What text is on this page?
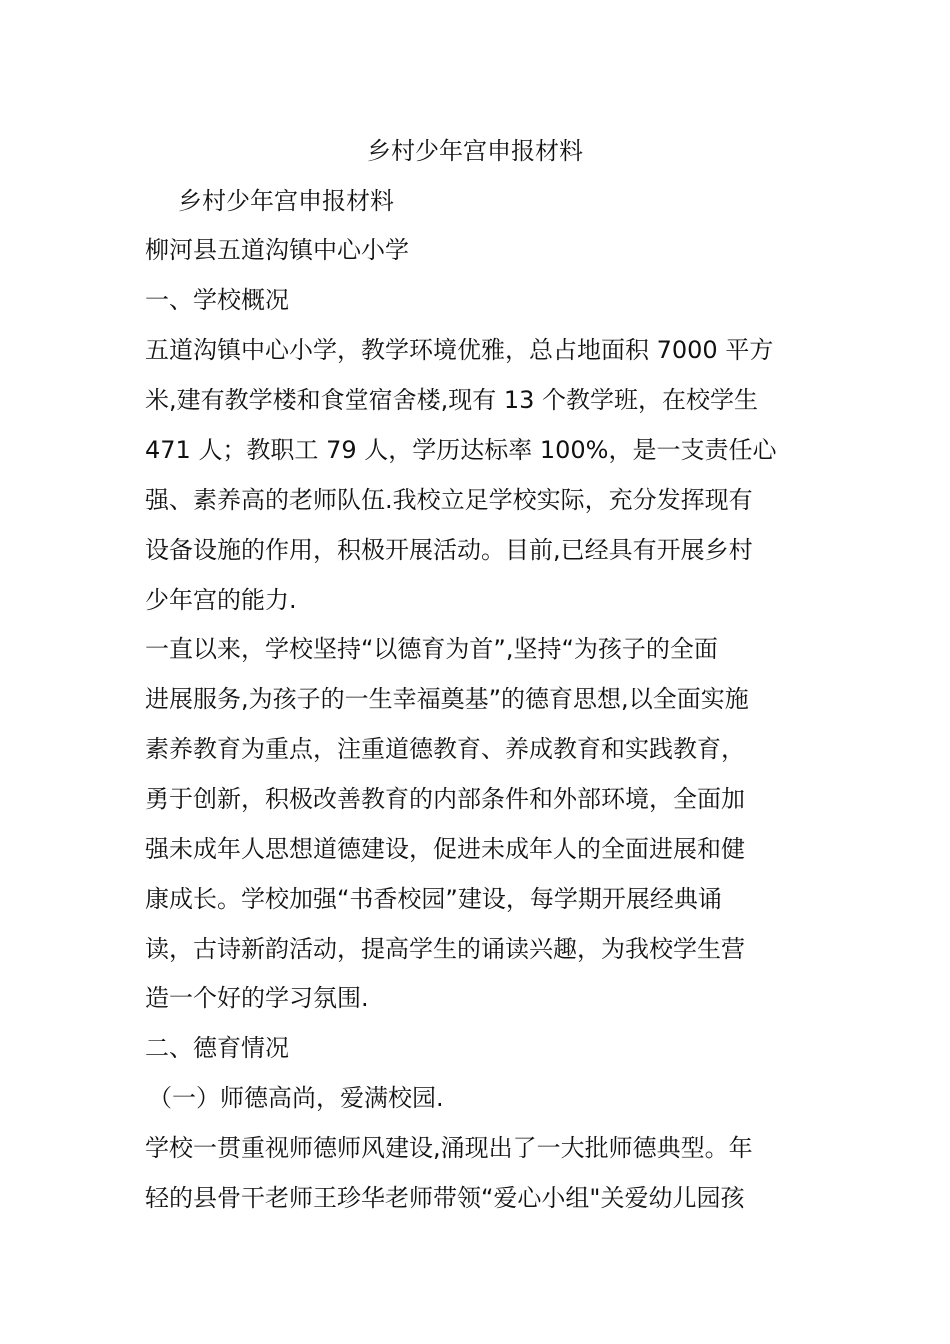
乡村少年宫申报材料

乡村少年宫申报材料

柳河县五道沟镇中心小学

一、学校概况

五道沟镇中心小学，教学环境优雅，总占地面积 7000 平方

米,建有教学楼和食堂宿舍楼,现有 13 个教学班，在校学生

471 人；教职工 79 人，学历达标率 100%，是一支责任心

强、素养高的老师队伍.我校立足学校实际，充分发挥现有

设备设施的作用，积极开展活动。目前,已经具有开展乡村

少年宫的能力.

一直以来，学校坚持“以德育为首”,坚持“为孩子的全面

进展服务,为孩子的一生幸福奠基”的德育思想,以全面实施

素养教育为重点，注重道德教育、养成教育和实践教育，

勇于创新，积极改善教育的内部条件和外部环境，全面加

强未成年人思想道德建设，促进未成年人的全面进展和健

康成长。学校加强“书香校园”建设，每学期开展经典诵

读，古诗新韵活动，提高学生的诵读兴趣，为我校学生营

造一个好的学习氛围.

二、德育情况

（一）师德高尚，爱满校园.

学校一贯重视师德师风建设,涌现出了一大批师德典型。年

轻的县骨干老师王珍华老师带领“爱心小组"关爱幼儿园孩
